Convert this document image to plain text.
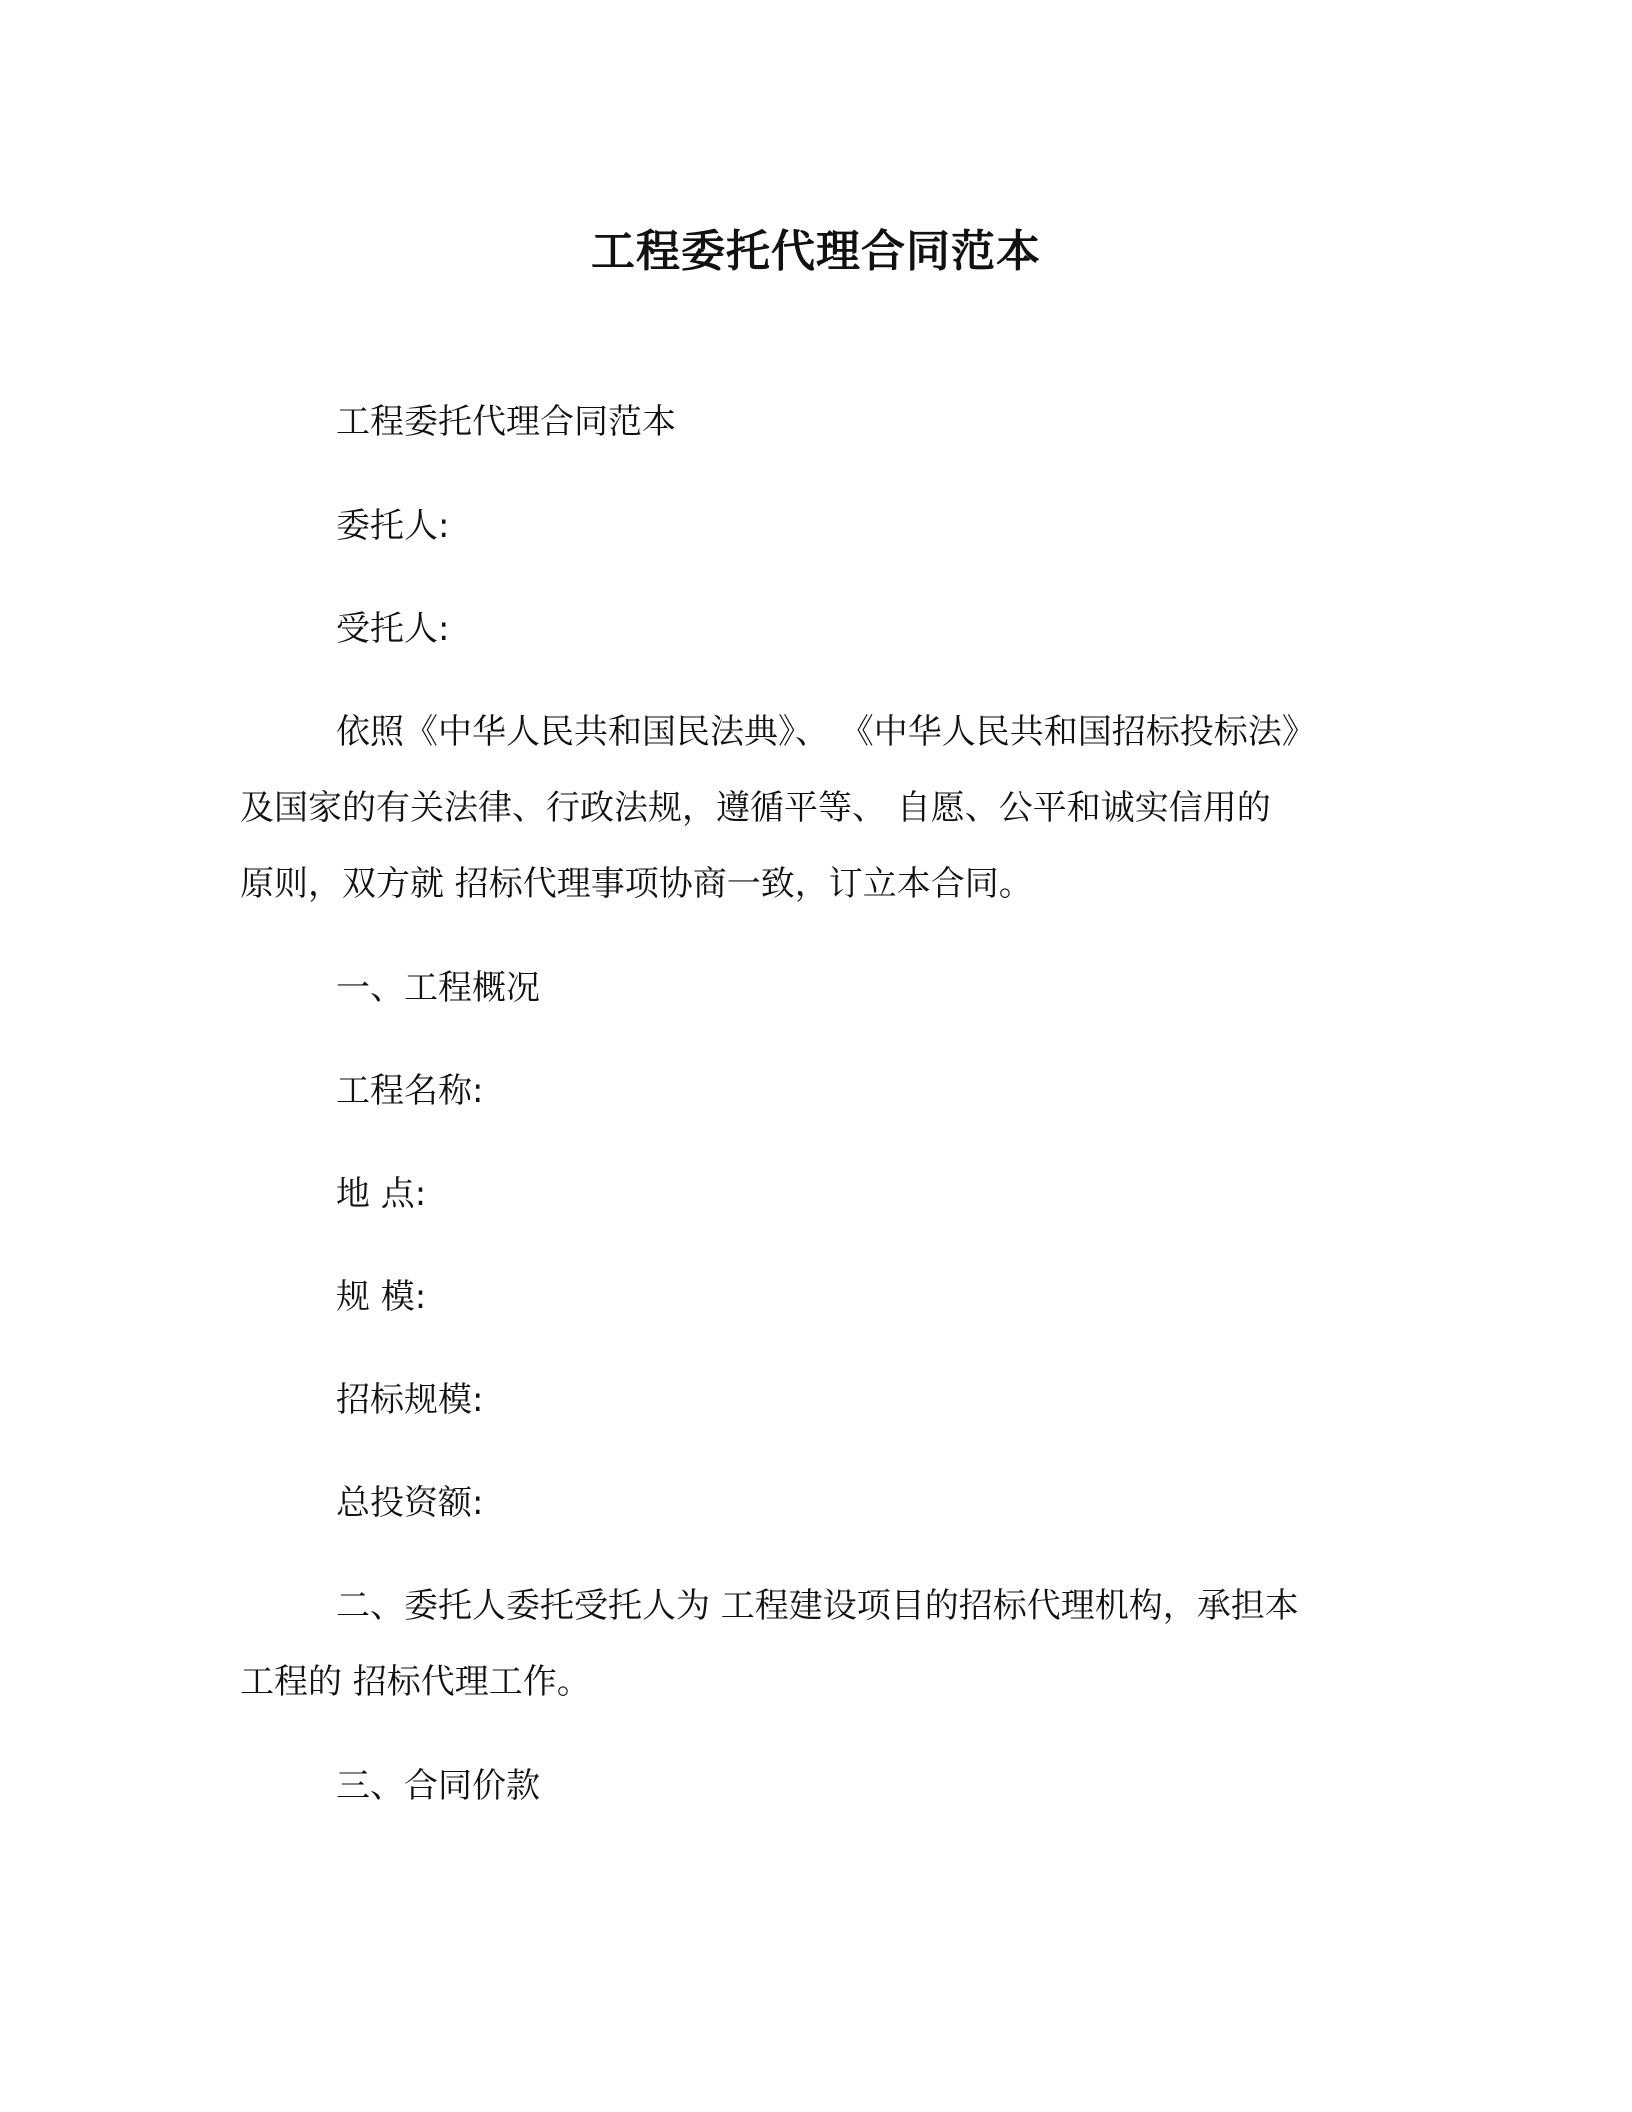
工程委托代理合同范本

工程委托代理合同范本

委托人:

受托人:

依照《中华人民共和国民法典》、 《中华人民共和国招标投标法》

及国家的有关法律、行政法规，遵循平等、 自愿、公平和诚实信用的

原则，双方就 招标代理事项协商一致，订立本合同。

一、工程概况

工程名称:

地 点:

规 模:

招标规模:

总投资额:

二、委托人委托受托人为 工程建设项目的招标代理机构，承担本

工程的 招标代理工作。

三、合同价款
